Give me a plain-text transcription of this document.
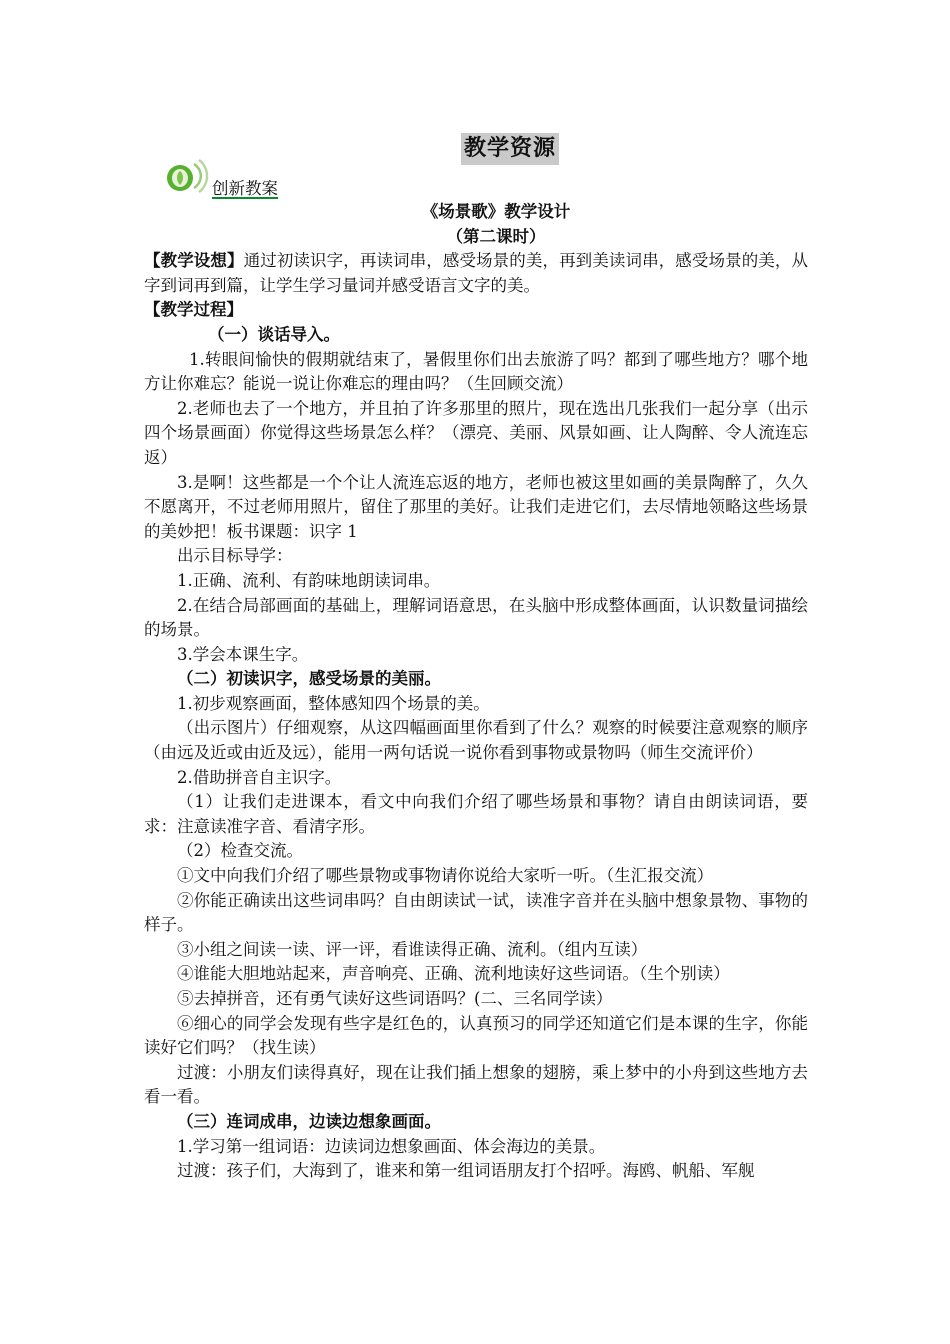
教学资源
创新教案

《场景歌》教学设计

（第二课时）

【教学设想】通过初读识字，再读词串，感受场景的美，再到美读词串，感受场景的美，从字到词再到篇，让学生学习量词并感受语言文字的美。

【教学过程】

（一）谈话导入。

1.转眼间愉快的假期就结束了，暑假里你们出去旅游了吗？都到了哪些地方？哪个地方让你难忘？能说一说让你难忘的理由吗？（生回顾交流）

2.老师也去了一个地方，并且拍了许多那里的照片，现在选出几张我们一起分享（出示四个场景画面）你觉得这些场景怎么样？（漂亮、美丽、风景如画、让人陶醉、令人流连忘返）

3.是啊！这些都是一个个让人流连忘返的地方，老师也被这里如画的美景陶醉了，久久不愿离开，不过老师用照片，留住了那里的美好。让我们走进它们，去尽情地领略这些场景的美妙把！板书课题：识字 1

出示目标导学：

1.正确、流利、有韵味地朗读词串。

2.在结合局部画面的基础上，理解词语意思，在头脑中形成整体画面，认识数量词描绘的场景。

3.学会本课生字。

（二）初读识字，感受场景的美丽。

1.初步观察画面，整体感知四个场景的美。

（出示图片）仔细观察，从这四幅画面里你看到了什么？观察的时候要注意观察的顺序（由远及近或由近及远），能用一两句话说一说你看到事物或景物吗（师生交流评价）

2.借助拼音自主识字。

（1）让我们走进课本，看文中向我们介绍了哪些场景和事物？请自由朗读词语，要求：注意读准字音、看清字形。

（2）检查交流。

①文中向我们介绍了哪些景物或事物请你说给大家听一听。（生汇报交流）

②你能正确读出这些词串吗？自由朗读试一试，读准字音并在头脑中想象景物、事物的样子。

③小组之间读一读、评一评，看谁读得正确、流利。（组内互读）

④谁能大胆地站起来，声音响亮、正确、流利地读好这些词语。（生个别读）

⑤去掉拼音，还有勇气读好这些词语吗？(二、三名同学读）

⑥细心的同学会发现有些字是红色的，认真预习的同学还知道它们是本课的生字，你能读好它们吗？（找生读）

过渡：小朋友们读得真好，现在让我们插上想象的翅膀，乘上梦中的小舟到这些地方去看一看。

（三）连词成串，边读边想象画面。

1.学习第一组词语：边读词边想象画面、体会海边的美景。

过渡：孩子们，大海到了，谁来和第一组词语朋友打个招呼。海鸥、帆船、军舰
